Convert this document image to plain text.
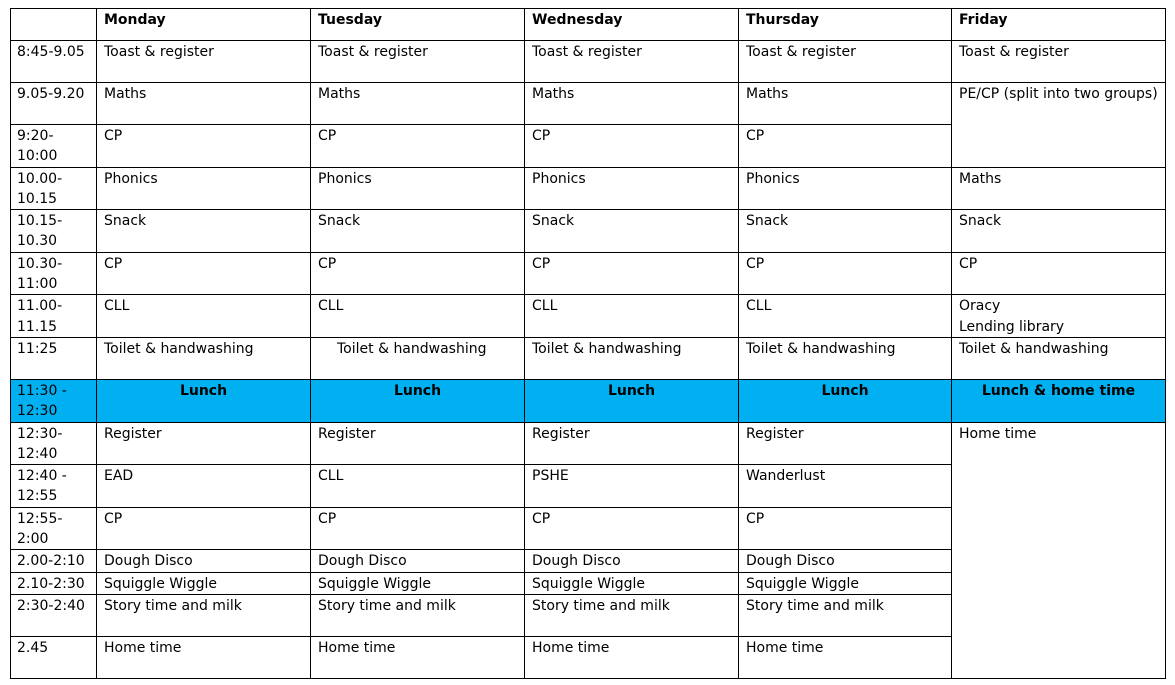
	Monday	Tuesday	Wednesday	Thursday	Friday
8:45-9.05	Toast & register	Toast & register	Toast & register	Toast & register	Toast & register
9.05-9.20	Maths	Maths	Maths	Maths	PE/CP (split into two groups)
9:20-10:00	CP	CP	CP	CP	
10.00-10.15	Phonics	Phonics	Phonics	Phonics	Maths
10.15-10.30	Snack	Snack	Snack	Snack	Snack
10.30-11:00	CP	CP	CP	CP	CP
11.00-11.15	CLL	CLL	CLL	CLL	Oracy
Lending library

11:25	Toilet & handwashing	Toilet & handwashing	Toilet & handwashing	Toilet & handwashing	Toilet & handwashing
11:30 - 12:30	Lunch	Lunch	Lunch	Lunch	Lunch & home time
12:30-12:40	Register	Register	Register	Register	Home time
12:40 - 12:55	EAD	CLL	PSHE	Wanderlust	
12:55-2:00	CP	CP	CP	CP	
2.00-2:10	Dough Disco	Dough Disco	Dough Disco	Dough Disco	
2.10-2:30	Squiggle Wiggle	Squiggle Wiggle	Squiggle Wiggle	Squiggle Wiggle	
2:30-2:40	Story time and milk	Story time and milk	Story time and milk	Story time and milk	
2.45	Home time	Home time	Home time	Home time	
